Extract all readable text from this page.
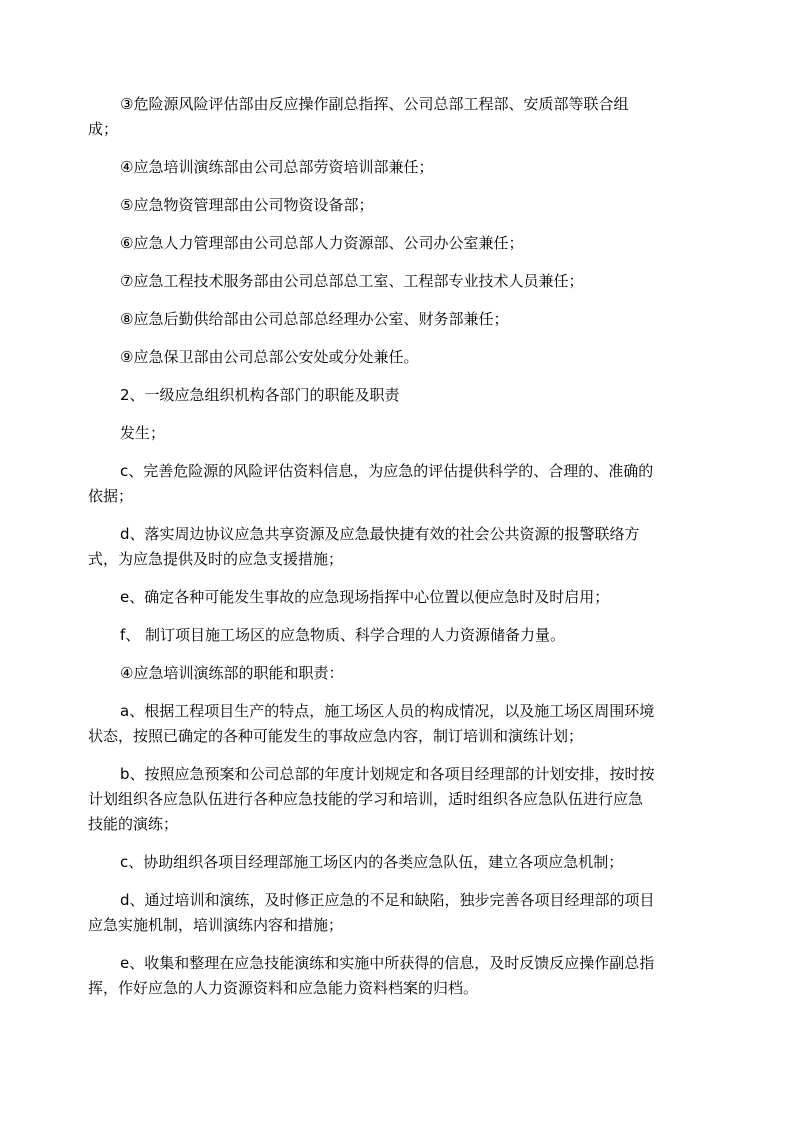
③危险源风险评估部由反应操作副总指挥、公司总部工程部、安质部等联合组
成；

④应急培训演练部由公司总部劳资培训部兼任；

⑤应急物资管理部由公司物资设备部；

⑥应急人力管理部由公司总部人力资源部、公司办公室兼任；

⑦应急工程技术服务部由公司总部总工室、工程部专业技术人员兼任；

⑧应急后勤供给部由公司总部总经理办公室、财务部兼任；

⑨应急保卫部由公司总部公安处或分处兼任。

2、一级应急组织机构各部门的职能及职责

发生；

c、完善危险源的风险评估资料信息，为应急的评估提供科学的、合理的、准确的
依据；

d、落实周边协议应急共享资源及应急最快捷有效的社会公共资源的报警联络方
式，为应急提供及时的应急支援措施；

e、确定各种可能发生事故的应急现场指挥中心位置以便应急时及时启用；

f、 制订项目施工场区的应急物质、科学合理的人力资源储备力量。

④应急培训演练部的职能和职责：

a、根据工程项目生产的特点，施工场区人员的构成情况，以及施工场区周围环境
状态，按照已确定的各种可能发生的事故应急内容，制订培训和演练计划；

b、按照应急预案和公司总部的年度计划规定和各项目经理部的计划安排，按时按
计划组织各应急队伍进行各种应急技能的学习和培训，适时组织各应急队伍进行应急
技能的演练；

c、协助组织各项目经理部施工场区内的各类应急队伍，建立各项应急机制；

d、通过培训和演练，及时修正应急的不足和缺陷，独步完善各项目经理部的项目
应急实施机制，培训演练内容和措施；

e、收集和整理在应急技能演练和实施中所获得的信息，及时反馈反应操作副总指
挥，作好应急的人力资源资料和应急能力资料档案的归档。
